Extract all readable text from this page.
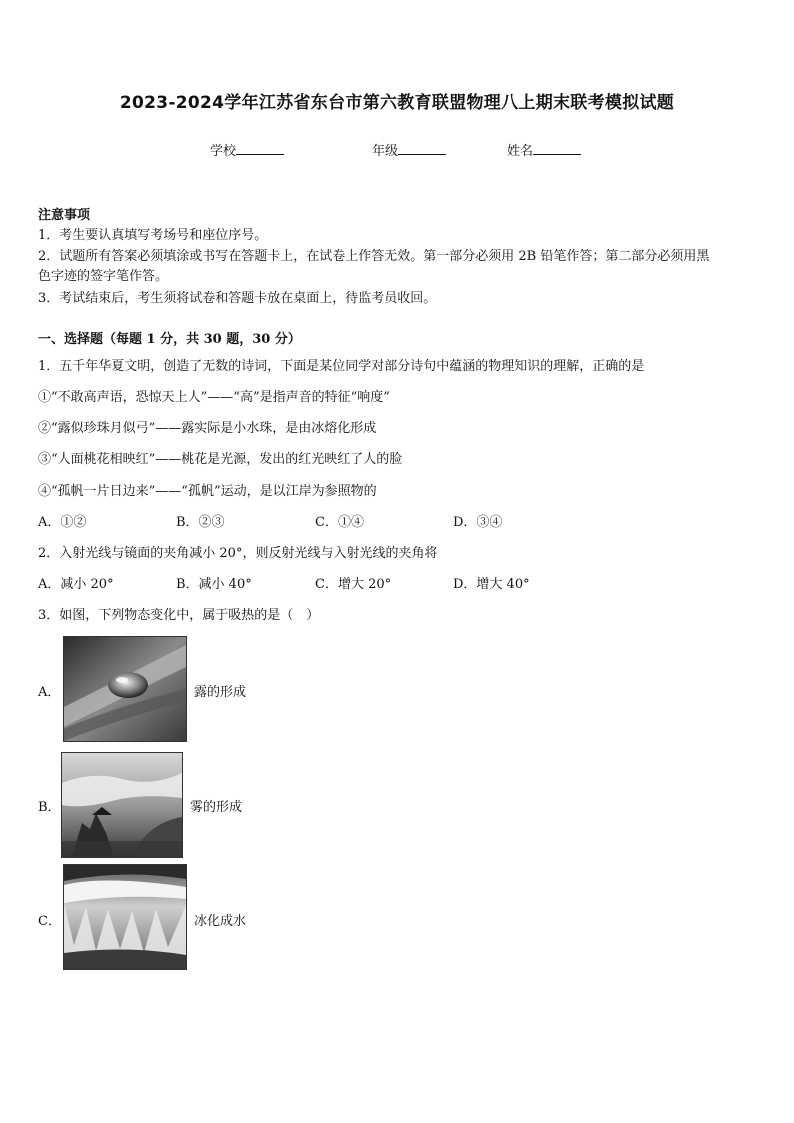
2023-2024学年江苏省东台市第六教育联盟物理八上期末联考模拟试题
学校	年级	姓名
注意事项
1．考生要认真填写考场号和座位序号。
2．试题所有答案必须填涂或书写在答题卡上，在试卷上作答无效。第一部分必须用 2B 铅笔作答；第二部分必须用黑
色字迹的签字笔作答。
3．考试结束后，考生须将试卷和答题卡放在桌面上，待监考员收回。
一、选择题（每题 1 分，共 30 题，30 分）
1．五千年华夏文明，创造了无数的诗词，下面是某位同学对部分诗句中蕴涵的物理知识的理解，正确的是
①“不敢高声语，恐惊天上人”——“高”是指声音的特征“响度”
②“露似珍珠月似弓”——露实际是小水珠，是由冰熔化形成
③“人面桃花相映红”——桃花是光源，发出的红光映红了人的脸
④“孤帆一片日边来”——“孤帆”运动，是以江岸为参照物的
A．①②	B．②③	C．①④	D．③④
2．入射光线与镜面的夹角减小 20°，则反射光线与入射光线的夹角将
A．减小 20°	B．减小 40°	C．增大 20°	D．增大 40°
3．如图，下列物态变化中，属于吸热的是（　）
A．	露的形成
B．	雾的形成
C．	冰化成水
